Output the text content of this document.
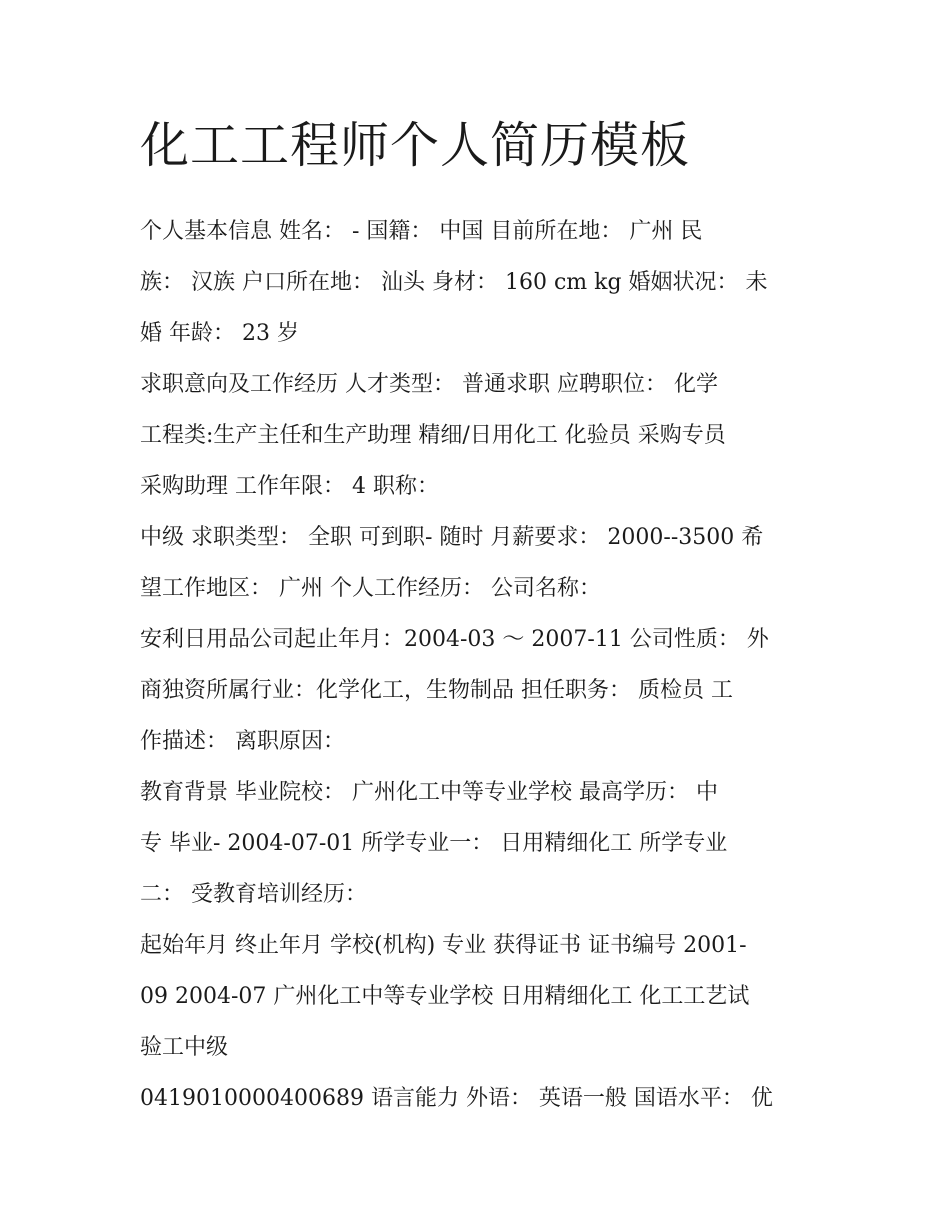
化工工程师个人简历模板

个人基本信息 姓名： - 国籍： 中国 目前所在地： 广州 民

族： 汉族 户口所在地： 汕头 身材： 160 cm kg 婚姻状况： 未

婚 年龄： 23 岁

求职意向及工作经历 人才类型： 普通求职 应聘职位： 化学

工程类:生产主任和生产助理 精细/日用化工 化验员 采购专员

采购助理 工作年限： 4 职称：

中级 求职类型： 全职 可到职- 随时 月薪要求： 2000--3500 希

望工作地区： 广州 个人工作经历： 公司名称：

安利日用品公司起止年月：2004-03 ～ 2007-11 公司性质： 外

商独资所属行业：化学化工，生物制品 担任职务： 质检员 工

作描述： 离职原因：

教育背景 毕业院校： 广州化工中等专业学校 最高学历： 中

专 毕业- 2004-07-01 所学专业一： 日用精细化工 所学专业

二： 受教育培训经历：

起始年月 终止年月 学校(机构) 专业 获得证书 证书编号 2001-

09 2004-07 广州化工中等专业学校 日用精细化工 化工工艺试

验工中级

0419010000400689 语言能力 外语： 英语一般 国语水平： 优
